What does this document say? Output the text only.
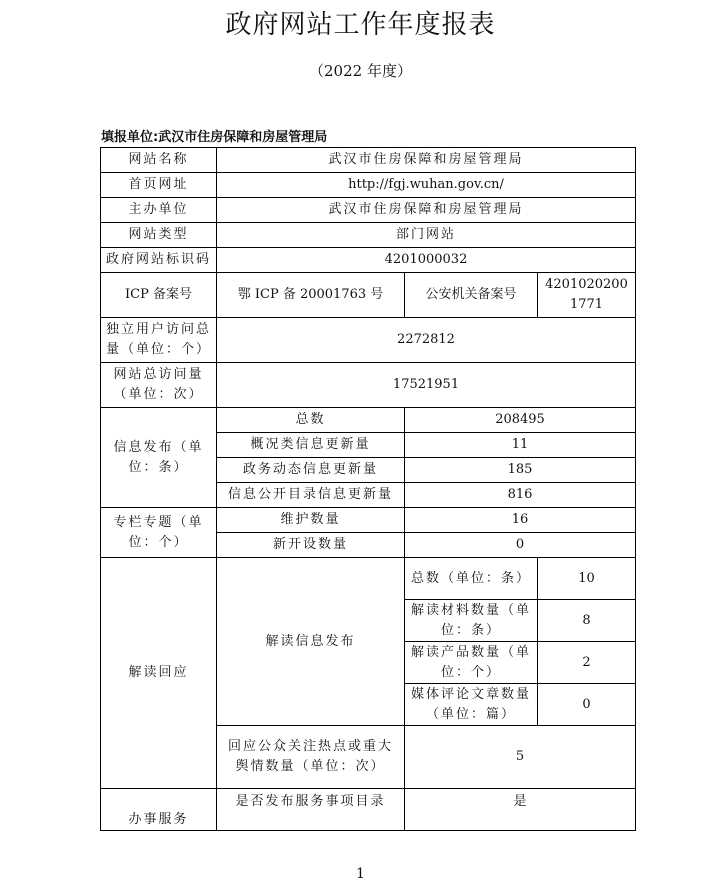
政府网站工作年度报表
（2022 年度）
填报单位:武汉市住房保障和房屋管理局
网站名称	武汉市住房保障和房屋管理局		
首页网址	http://fgj.wuhan.gov.cn/		
主办单位	武汉市住房保障和房屋管理局		
网站类型	部门网站		
政府网站标识码	4201000032		
ICP 备案号	鄂 ICP 备 20001763 号	公安机关备案号	42010202001771
独立用户访问总量（单位：个）	2272812		
网站总访问量（单位：次）	17521951		
信息发布（单位：条）	总数	208495	
	概况类信息更新量	11	
	政务动态信息更新量	185	
	信息公开目录信息更新量	816	
专栏专题（单位：个）	维护数量	16	
	新开设数量	0	
解读回应	解读信息发布	总数（单位：条）	10
		解读材料数量（单位：条）	8
		解读产品数量（单位：个）	2
		媒体评论文章数量（单位：篇）	0
	回应公众关注热点或重大舆情数量（单位：次）	5	
办事服务	是否发布服务事项目录	是	
1
